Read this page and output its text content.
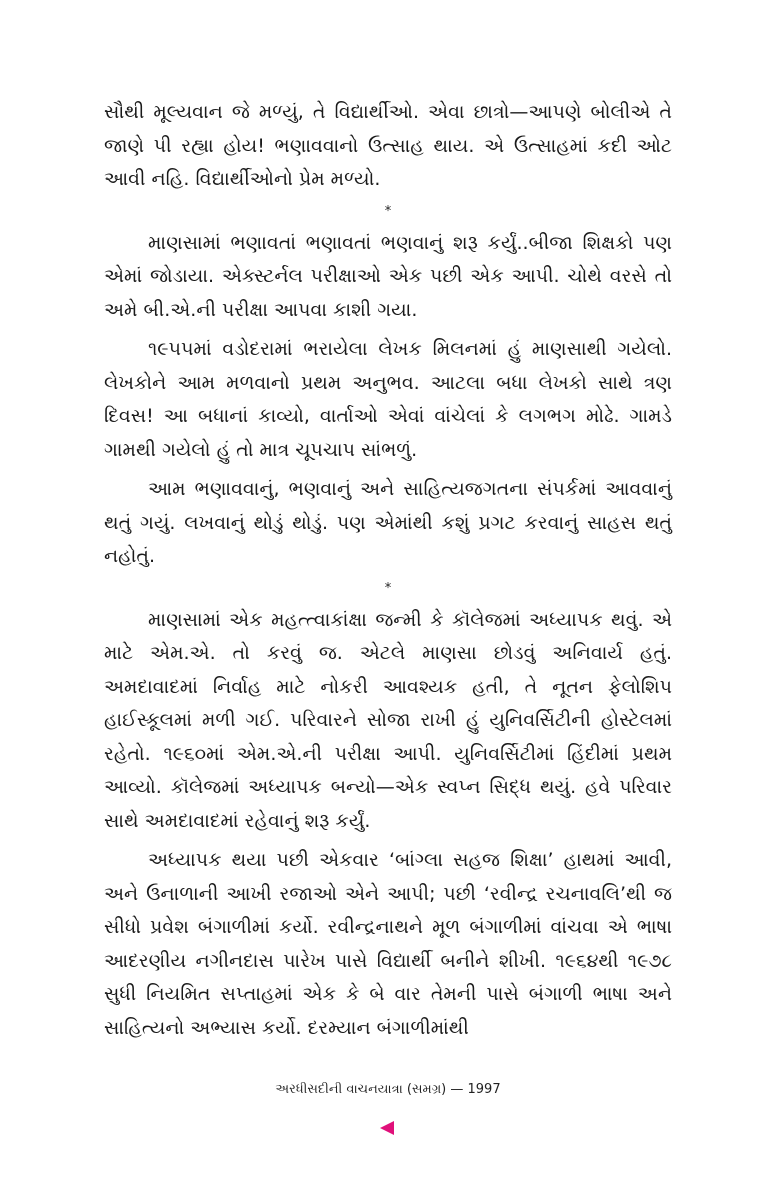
સૌથી મૂલ્યવાન જે મળ્યું, તે વિદ્યાર્થીઓ. એવા છાત્રો—આપણે બોલીએ તે જાણે પી રહ્યા હોય! ભણાવવાનો ઉત્સાહ થાય. એ ઉત્સાહમાં કદી ઓટ આવી નહિ. વિદ્યાર્થીઓનો પ્રેમ મળ્યો.

*

માણસામાં ભણાવતાં ભણાવતાં ભણવાનું શરૂ કર્યું..બીજા શિક્ષકો પણ એમાં જોડાયા. એક્સ્ટર્નલ પરીક્ષાઓ એક પછી એક આપી. ચોથે વરસે તો અમે બી.એ.ની પરીક્ષા આપવા કાશી ગયા.

૧૯૫૫માં વડોદરામાં ભરાયેલા લેખક મિલનમાં હું માણસાથી ગયેલો. લેખકોને આમ મળવાનો પ્રથમ અનુભવ. આટલા બધા લેખકો સાથે ત્રણ દિવસ! આ બધાનાં કાવ્યો, વાર્તાઓ એવાં વાંચેલાં કે લગભગ મોઢે. ગામડે ગામથી ગયેલો હું તો માત્ર ચૂપચાપ સાંભળું.

આમ ભણાવવાનું, ભણવાનું અને સાહિત્યજગતના સંપર્કમાં આવવાનું થતું ગયું. લખવાનું થોડું થોડું. પણ એમાંથી કશું પ્રગટ કરવાનું સાહસ થતું નહોતું.

*

માણસામાં એક મહત્ત્વાકાંક્ષા જન્મી કે કૉલેજમાં અધ્યાપક થવું. એ માટે એમ.એ. તો કરવું જ. એટલે માણસા છોડવું અનિવાર્ય હતું. અમદાવાદમાં નિર્વાહ માટે નોકરી આવશ્યક હતી, તે નૂતન ફેલોશિપ હાઈસ્કૂલમાં મળી ગઈ. પરિવારને સોજા રાખી હું યુનિવર્સિટીની હોસ્ટેલમાં રહેતો. ૧૯૬૦માં એમ.એ.ની પરીક્ષા આપી. યુનિવર્સિટીમાં હિંદીમાં પ્રથમ આવ્યો. કૉલેજમાં અધ્યાપક બન્યો—એક સ્વપ્ન સિદ્ધ થયું. હવે પરિવાર સાથે અમદાવાદમાં રહેવાનું શરૂ કર્યું.

અધ્યાપક થયા પછી એકવાર ‘બાંગ્લા સહજ શિક્ષા’ હાથમાં આવી, અને ઉનાળાની આખી રજાઓ એને આપી; પછી ‘રવીન્દ્ર રચનાવલિ’થી જ સીધો પ્રવેશ બંગાળીમાં કર્યો. રવીન્દ્રનાથને મૂળ બંગાળીમાં વાંચવા એ ભાષા આદરણીય નગીનદાસ પારેખ પાસે વિદ્યાર્થી બનીને શીખી. ૧૯૬૪થી ૧૯૭૮ સુધી નિયમિત સપ્તાહમાં એક કે બે વાર તેમની પાસે બંગાળી ભાષા અને સાહિત્યનો અભ્યાસ કર્યો. દરમ્યાન બંગાળીમાંથી

અરધીસદીની વાચનયાત્રા (સમગ્ર) — 1997
